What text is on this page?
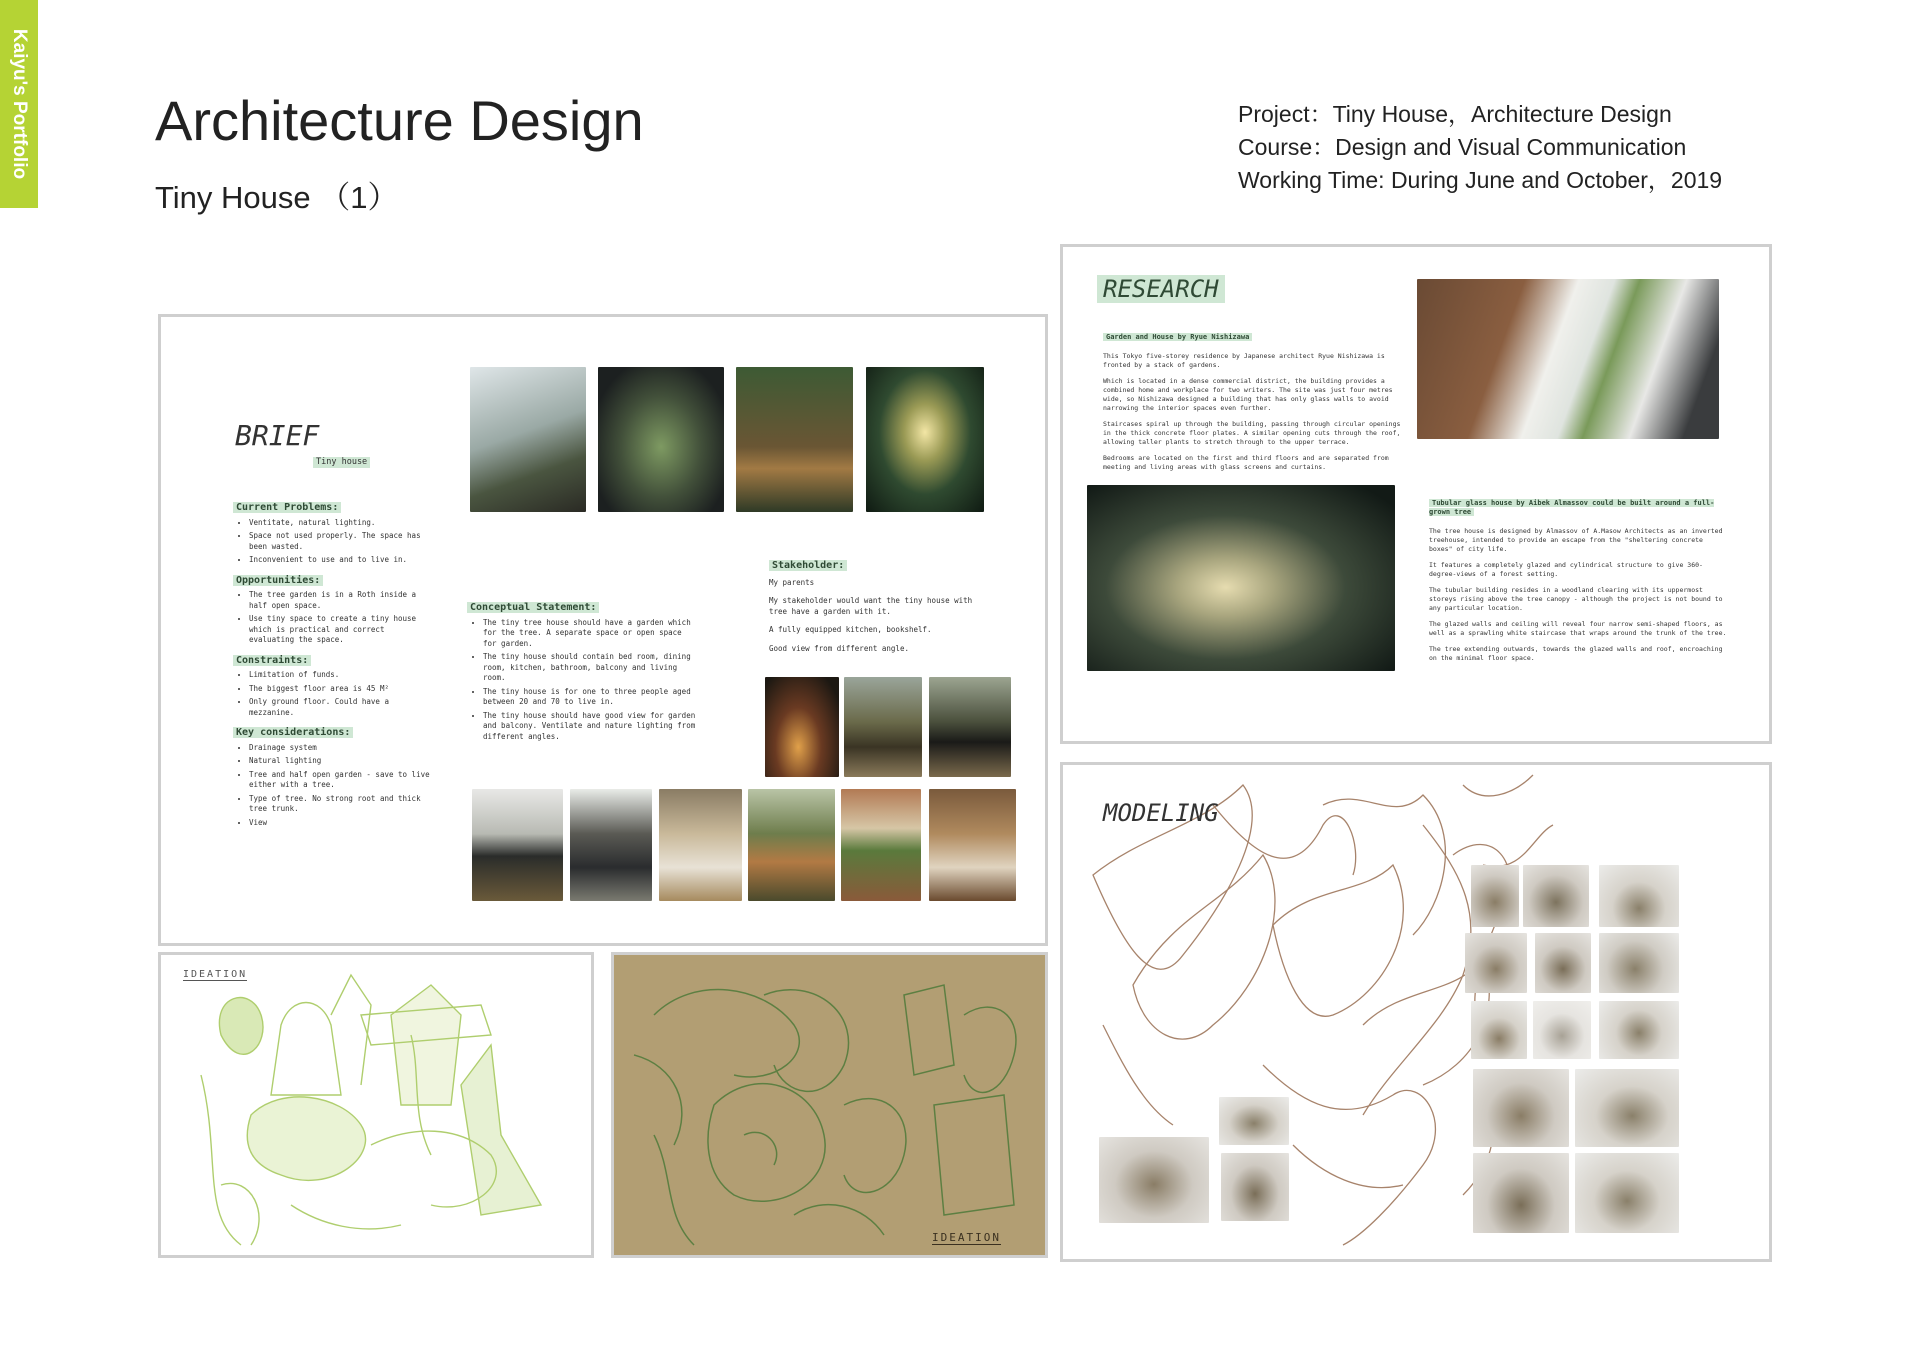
Kaiyu's Portfolio Architecture Design
Tiny House （1）
Project：Tiny House，Architecture Design
Course：Design and Visual Communication
Working Time: During June and October，2019
BRIEF
Tiny house
Current Problems:
• Ventitate, natural lighting.
• Space not used properly. The space has been wasted.
• Inconvenient to use and to live in.
Opportunities:
• The tree garden is in a Roth inside a half open space.
• Use tiny space to create a tiny house which is practical and correct evaluating the space.
Constraints:
• Limitation of funds.
• The biggest floor area is 45 M²
• Only ground floor. Could have a mezzanine.
Key considerations:
• Drainage system
• Natural lighting
• Tree and half open garden - save to live either with a tree.
• Type of tree. No strong root and thick tree trunk.
• View
Conceptual Statement:
• The tiny tree house should have a garden which for the tree. A separate space or open space for garden.
• The tiny house should contain bed room, dining room, kitchen, bathroom, balcony and living room.
• The tiny house is for one to three people aged between 20 and 70 to live in.
• The tiny house should have good view for garden and balcony. Ventilate and nature lighting from different angles.
Stakeholder:
My parents
My stakeholder would want the tiny house with tree have a garden with it.
A fully equipped kitchen, bookshelf.
Good view from different angle.
RESEARCH
Garden and House by Ryue Nishizawa

This Tokyo five-storey residence by Japanese architect Ryue Nishizawa is fronted by a stack of gardens.

Which is located in a dense commercial district, the building provides a combined home and workplace for two writers. The site was just four metres wide, so Nishizawa designed a building that has only glass walls to avoid narrowing the interior spaces even further.

Staircases spiral up through the building, passing through circular openings in the thick concrete floor plates. A similar opening cuts through the roof, allowing taller plants to stretch through to the upper terrace.

Bedrooms are located on the first and third floors and are separated from meeting and living areas with glass screens and curtains.

Tubular glass house by Aibek Almassov could be built around a full-grown tree

The tree house is designed by Almassov of A.Masow Architects as an inverted treehouse, intended to provide an escape from the "sheltering concrete boxes" of city life.

It features a completely glazed and cylindrical structure to give 360-degree-views of a forest setting.

The tubular building resides in a woodland clearing with its uppermost storeys rising above the tree canopy - although the project is not bound to any particular location.

The glazed walls and ceiling will reveal four narrow semi-shaped floors, as well as a sprawling white staircase that wraps around the trunk of the tree.

The tree extending outwards, towards the glazed walls and roof, encroaching on the minimal floor space.

MODELING
IDEATION
IDEATION
